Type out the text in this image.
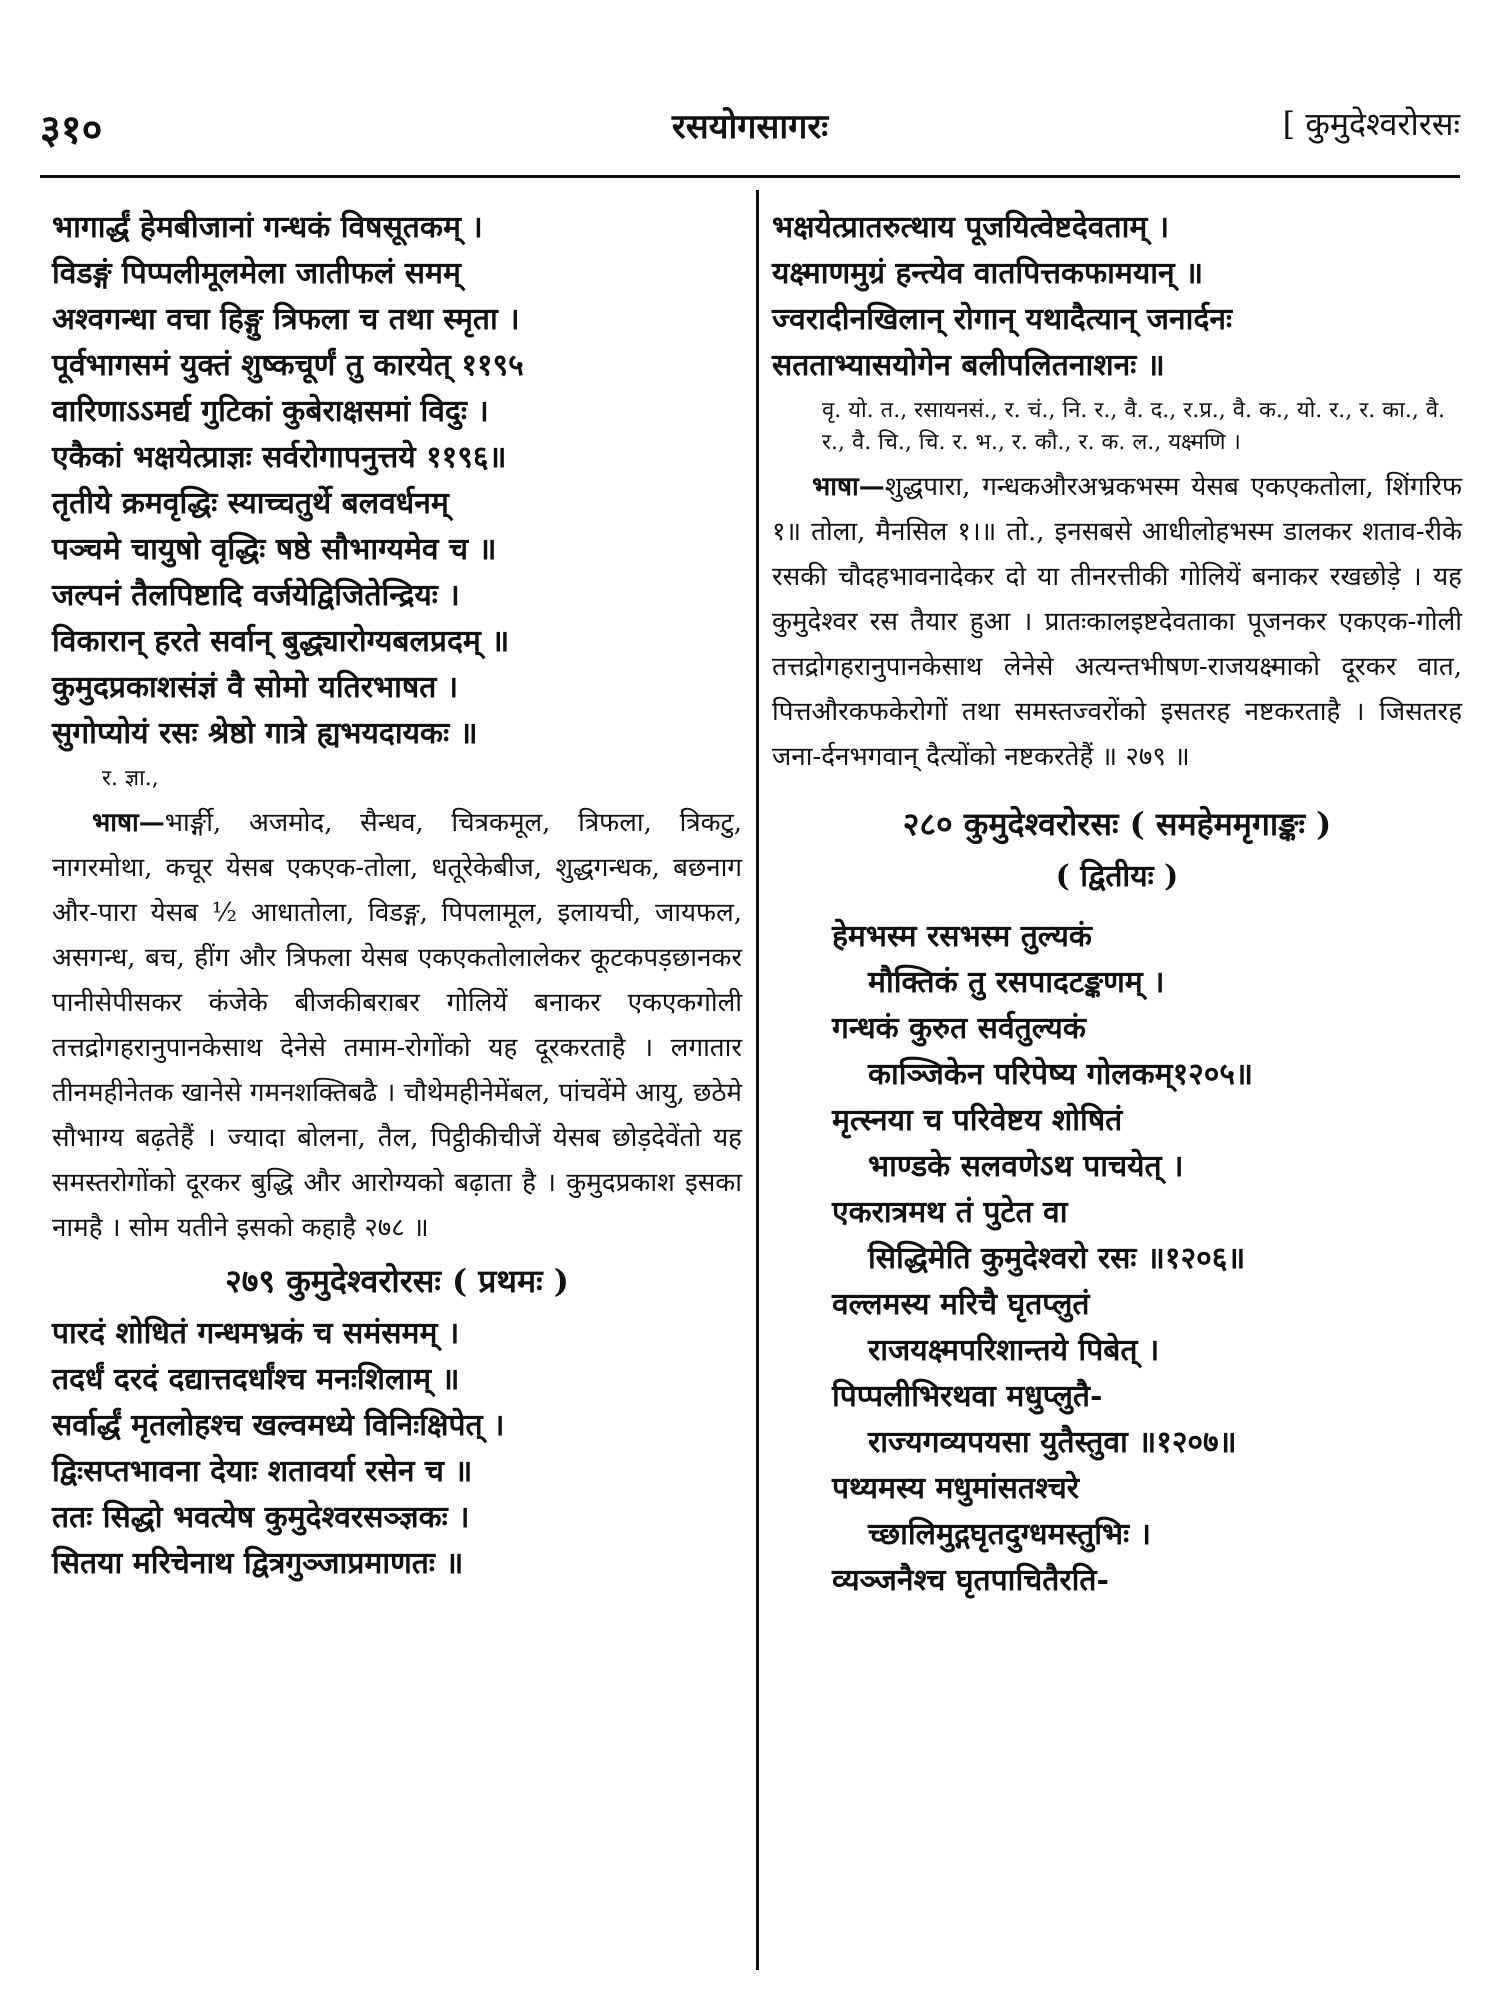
३१०	रसयोगसागरः	[ कुमुदेश्वरोरसः
भागार्द्धं हेमबीजानां गन्धकं विषसूतकम् ।
विडङ्गं पिप्पलीमूलमेला जातीफलं समम्
अश्वगन्धा वचा हिङ्गु त्रिफला च तथा स्मृता ।
पूर्वभागसमं युक्तं शुष्कचूर्णं तु कारयेत् ११९५
वारिणाऽऽमर्द्य गुटिकां कुबेराक्षसमां विदुः ।
एकैकां भक्षयेत्प्राज्ञः सर्वरोगापनुत्तये ११९६॥
तृतीये क्रमवृद्धिः स्याच्चतुर्थे बलवर्धनम्
पञ्चमे चायुषो वृद्धिः षष्ठे सौभाग्यमेव च ॥
जल्पनं तैलपिष्टादि वर्जयेद्विजितेन्द्रियः ।
विकारान् हरते सर्वान् बुद्ध्यारोग्यबलप्रदम् ॥
कुमुदप्रकाशसंज्ञं वै सोमो यतिरभाषत ।
सुगोप्योयं रसः श्रेष्ठो गात्रे ह्यभयदायकः ॥
र. ज्ञा.,
भाषा—भार्ङ्गी, अजमोद, सैन्धव, चित्रकमूल, त्रिफला, त्रिकटु, नागरमोथा, कचूर येसब एकएक-तोला, धतूरेकेबीज, शुद्धगन्धक, बछनाग और-पारा येसब ½ आधातोला, विडङ्ग, पिपलामूल, इलायची, जायफल, असगन्ध, बच, हींग और त्रिफला येसब एकएकतोलालेकर कूटकपड़छानकर पानीसेपीसकर कंजेके बीजकीबराबर गोलियें बनाकर एकएकगोली तत्तद्रोगहरानुपानकेसाथ देनेसे तमाम-रोगोंको यह दूरकरताहै । लगातार तीनमहीनेतक खानेसे गमनशक्तिबढै । चौथेमहीनेमेंबल, पांचवेंमे आयु, छठेमे सौभाग्य बढ़तेहैं । ज्यादा बोलना, तैल, पिट्ठीकीचीजें येसब छोड़देवेंतो यह समस्तरोगोंको दूरकर बुद्धि और आरोग्यको बढ़ाता है । कुमुदप्रकाश इसका नामहै । सोम यतीने इसको कहाहै २७८ ॥
२७९ कुमुदेश्वरोरसः ( प्रथमः )
पारदं शोधितं गन्धमभ्रकं च समंसमम् ।
तदर्धं दरदं दद्यात्तदर्धांश्च मनःशिलाम् ॥
सर्वार्द्धं मृतलोहश्च खल्वमध्ये विनिःक्षिपेत् ।
द्विःसप्तभावना देयाः शतावर्या रसेन च ॥
ततः सिद्धो भवत्येष कुमुदेश्वरसञ्ज्ञकः ।
सितया मरिचेनाथ द्वित्रगुञ्जाप्रमाणतः ॥
भक्षयेत्प्रातरुत्थाय पूजयित्वेष्टदेवताम् ।
यक्ष्माणमुग्रं हन्त्येव वातपित्तकफामयान् ॥
ज्वरादीनखिलान् रोगान् यथादैत्यान् जनार्दनः
सतताभ्यासयोगेन बलीपलितनाशनः ॥
वृ. यो. त., रसायनसं., र. चं., नि. र., वै. द., र.प्र., वै. क., यो. र., र. का., वै. र., वै. चि., चि. र. भ., र. कौ., र. क. ल., यक्ष्मणि ।
भाषा—शुद्धपारा, गन्धकऔरअभ्रकभस्म येसब एकएकतोला, शिंगरिफ १॥ तोला, मैनसिल १।॥ तो., इनसबसे आधीलोहभस्म डालकर शताव-रीके रसकी चौदहभावनादेकर दो या तीनरत्तीकी गोलियें बनाकर रखछोड़े । यह कुमुदेश्वर रस तैयार हुआ । प्रातःकालइष्टदेवताका पूजनकर एकएक-गोली तत्तद्रोगहरानुपानकेसाथ लेनेसे अत्यन्तभीषण-राजयक्ष्माको दूरकर वात, पित्तऔरकफकेरोगों तथा समस्तज्वरोंको इसतरह नष्टकरताहै । जिसतरह जना-र्दनभगवान् दैत्योंको नष्टकरतेहैं ॥ २७९ ॥
२८० कुमुदेश्वरोरसः ( समहेममृगाङ्कः )
( द्वितीयः )
हेमभस्म रसभस्म तुल्यकं
मौक्तिकं तु रसपादटङ्कणम् ।
गन्धकं कुरुत सर्वतुल्यकं
काञ्जिकेन परिपेष्य गोलकम्१२०५॥
मृत्स्नया च परिवेष्टय शोषितं
भाण्डके सलवणेऽथ पाचयेत् ।
एकरात्रमथ तं पुटेत वा
सिद्धिमेति कुमुदेश्वरो रसः ॥१२०६॥
वल्लमस्य मरिचै घृतप्लुतं
राजयक्ष्मपरिशान्तये पिबेत् ।
पिप्पलीभिरथवा मधुप्लुतै-
राज्यगव्यपयसा युतैस्तुवा ॥१२०७॥
पथ्यमस्य मधुमांसतश्चरे
च्छालिमुद्गघृतदुग्धमस्तुभिः ।
व्यञ्जनैश्च घृतपाचितैरति-
